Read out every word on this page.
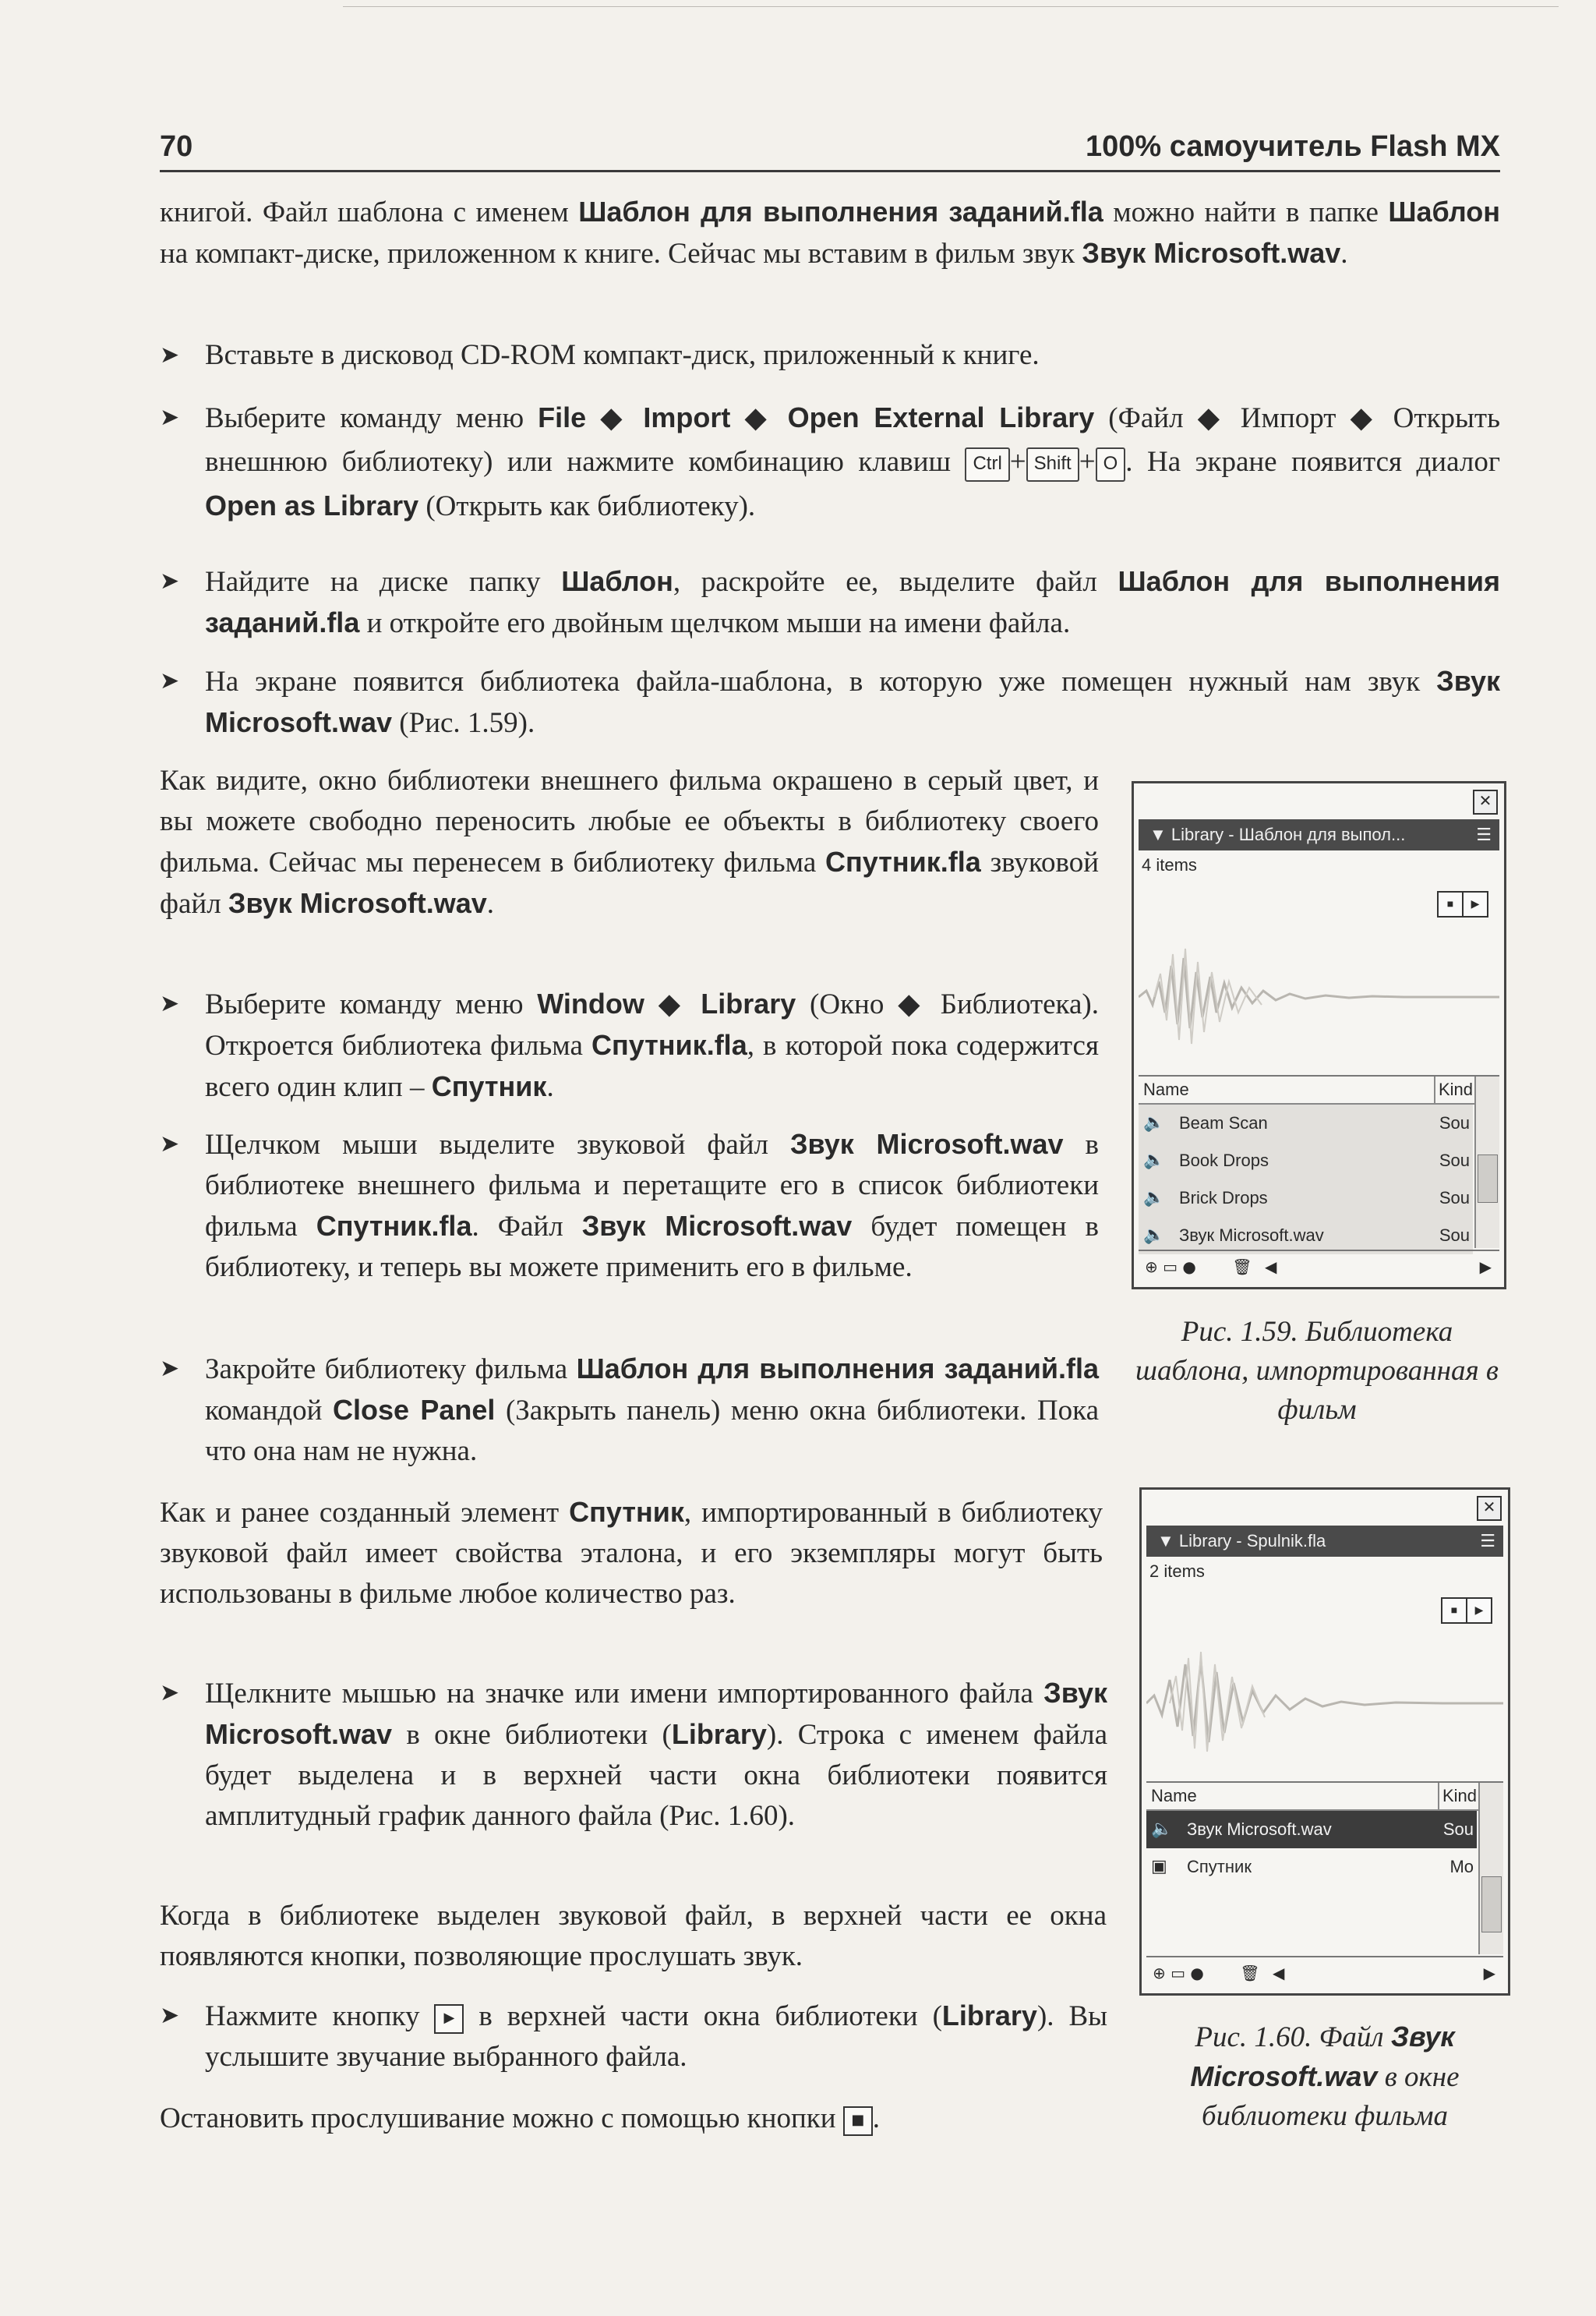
70	100% самоучитель Flash MX

книгой. Файл шаблона с именем Шаблон для выполнения заданий.fla можно найти в папке Шаблон на компакт-диске, приложенном к книге. Сейчас мы вставим в фильм звук Звук Microsoft.wav.

➤ Вставьте в дисковод CD-ROM компакт-диск, приложенный к книге.

➤ Выберите команду меню File ◆ Import ◆ Open External Library (Файл ◆ Импорт ◆ Открыть внешнюю библиотеку) или нажмите комбинацию клавиш Ctrl + Shift + O . На экране появится диалог Open as Library (Открыть как библиотеку).

➤ Найдите на диске папку Шаблон, раскройте ее, выделите файл Шаблон для выполнения заданий.fla и откройте его двойным щелчком мыши на имени файла.

➤ На экране появится библиотека файла-шаблона, в которую уже помещен нужный нам звук Звук Microsoft.wav (Рис. 1.59).

Как видите, окно библиотеки внешнего фильма окрашено в серый цвет, и вы можете свободно переносить любые ее объекты в библиотеку своего фильма. Сейчас мы перенесем в библиотеку фильма Спутник.fla звуковой файл Звук Microsoft.wav.

➤ Выберите команду меню Window ◆ Library (Окно ◆ Библиотека). Откроется библиотека фильма Спутник.fla, в которой пока содержится всего один клип – Спутник.

➤ Щелчком мыши выделите звуковой файл Звук Microsoft.wav в библиотеке внешнего фильма и перетащите его в список библиотеки фильма Спутник.fla. Файл Звук Microsoft.wav будет помещен в библиотеку, и теперь вы можете применить его в фильме.

➤ Закройте библиотеку фильма Шаблон для выполнения заданий.fla командой Close Panel (Закрыть панель) меню окна библиотеки. Пока что она нам не нужна.

Как и ранее созданный элемент Спутник, импортированный в библиотеку звуковой файл имеет свойства эталона, и его экземпляры могут быть использованы в фильме любое количество раз.

➤ Щелкните мышью на значке или имени импортированного файла Звук Microsoft.wav в окне библиотеки (Library). Строка с именем файла будет выделена и в верхней части окна библиотеки появится амплитудный график данного файла (Рис. 1.60).

Когда в библиотеке выделен звуковой файл, в верхней части ее окна появляются кнопки, позволяющие прослушать звук.

➤ Нажмите кнопку ▶ в верхней части окна библиотеки (Library). Вы услышите звучание выбранного файла.

Остановить прослушивание можно с помощью кнопки ■ .

✕
▼ Library - Шаблон для выпол...	☰
4 items
■	▶
Name	Kind
🔈 Beam Scan	Sou
🔈 Book Drops	Sou
🔈 Brick Drops	Sou
🔈 Звук Microsoft.wav	Sou
⊕ ▭ ● 🗑 ◀	▶
Рис. 1.59. Библиотека шаблона, импортированная в фильм
✕
▼ Library - Spulnik.fla	☰
2 items
■	▶
Name	Kind
🔈 Звук Microsoft.wav	Sou
▣	Спутник	Mo
⊕ ▭ ● 🗑 ◀	▶
Рис. 1.60. Файл Звук Microsoft.wav в окне библиотеки фильма
